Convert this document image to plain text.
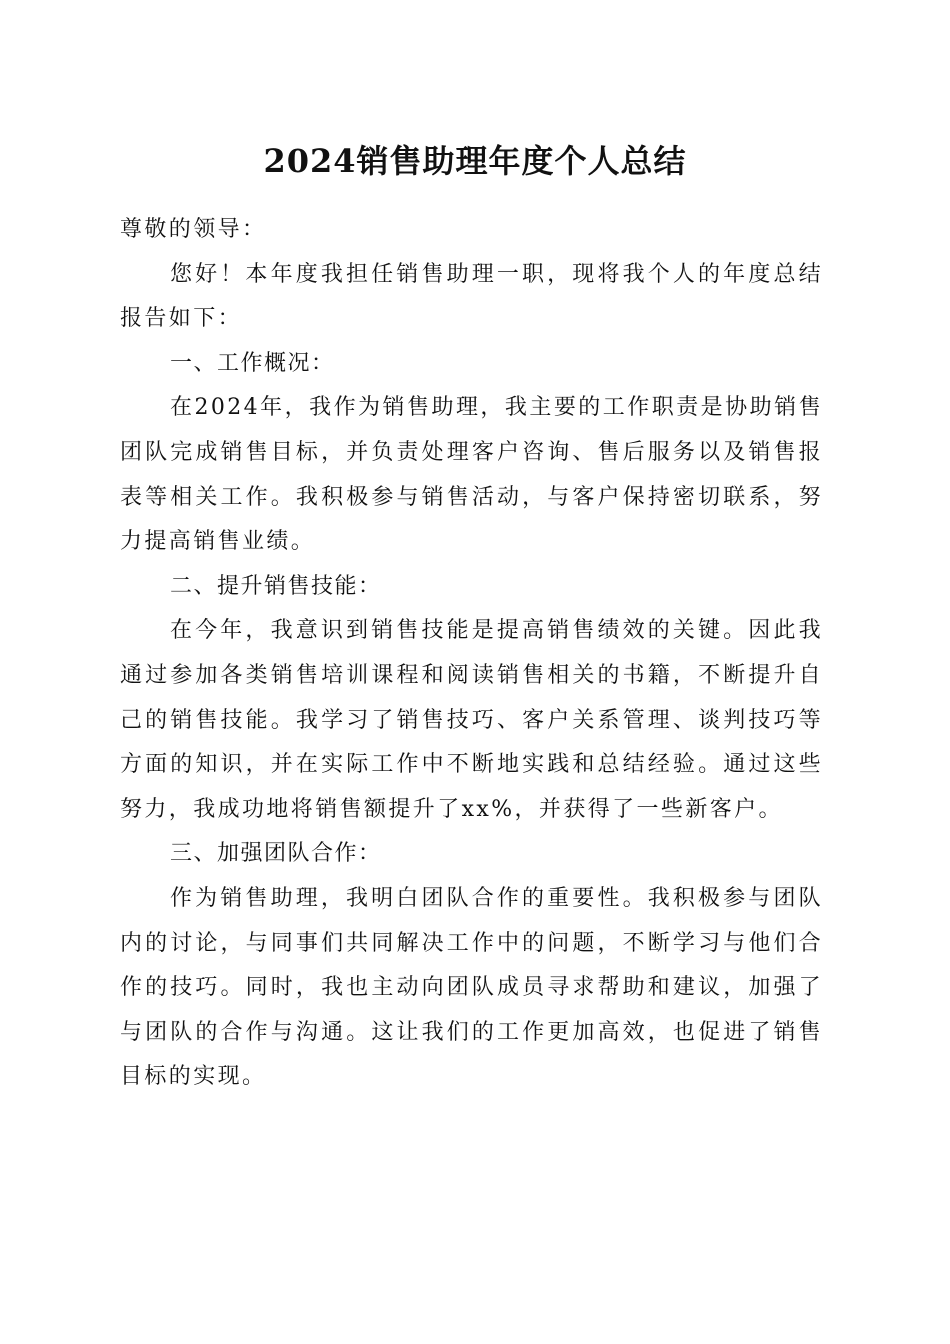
2024销售助理年度个人总结

尊敬的领导：

您好！本年度我担任销售助理一职，现将我个人的年度总结报告如下：

一、工作概况：

在2024年，我作为销售助理，我主要的工作职责是协助销售团队完成销售目标，并负责处理客户咨询、售后服务以及销售报表等相关工作。我积极参与销售活动，与客户保持密切联系，努力提高销售业绩。

二、提升销售技能：

在今年，我意识到销售技能是提高销售绩效的关键。因此我通过参加各类销售培训课程和阅读销售相关的书籍，不断提升自己的销售技能。我学习了销售技巧、客户关系管理、谈判技巧等方面的知识，并在实际工作中不断地实践和总结经验。通过这些努力，我成功地将销售额提升了xx%，并获得了一些新客户。

三、加强团队合作：

作为销售助理，我明白团队合作的重要性。我积极参与团队内的讨论，与同事们共同解决工作中的问题，不断学习与他们合作的技巧。同时，我也主动向团队成员寻求帮助和建议，加强了与团队的合作与沟通。这让我们的工作更加高效，也促进了销售目标的实现。
